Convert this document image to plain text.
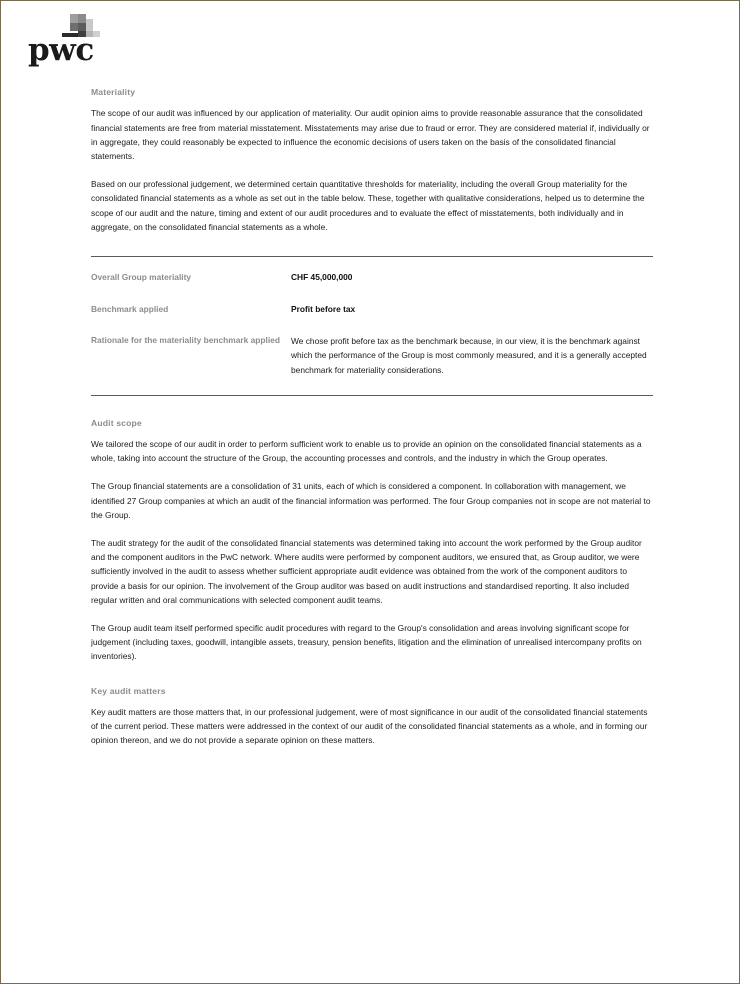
pwc
Materiality

The scope of our audit was influenced by our application of materiality. Our audit opinion aims to provide reasonable assurance that the consolidated financial statements are free from material misstatement. Misstatements may arise due to fraud or error. They are considered material if, individually or in aggregate, they could reasonably be expected to influence the economic decisions of users taken on the basis of the consolidated financial statements.

Based on our professional judgement, we determined certain quantitative thresholds for materiality, including the overall Group materiality for the consolidated financial statements as a whole as set out in the table below. These, together with qualitative considerations, helped us to determine the scope of our audit and the nature, timing and extent of our audit procedures and to evaluate the effect of misstatements, both individually and in aggregate, on the consolidated financial statements as a whole.

Overall Group materiality	CHF 45,000,000
Benchmark applied	Profit before tax
Rationale for the materiality benchmark applied	We chose profit before tax as the benchmark because, in our view, it is the benchmark against which the performance of the Group is most commonly measured, and it is a generally accepted benchmark for materiality considerations.
Audit scope

We tailored the scope of our audit in order to perform sufficient work to enable us to provide an opinion on the consolidated financial statements as a whole, taking into account the structure of the Group, the accounting processes and controls, and the industry in which the Group operates.

The Group financial statements are a consolidation of 31 units, each of which is considered a component. In collaboration with management, we identified 27 Group companies at which an audit of the financial information was performed. The four Group companies not in scope are not material to the Group.

The audit strategy for the audit of the consolidated financial statements was determined taking into account the work performed by the Group auditor and the component auditors in the PwC network. Where audits were performed by component auditors, we ensured that, as Group auditor, we were sufficiently involved in the audit to assess whether sufficient appropriate audit evidence was obtained from the work of the component auditors to provide a basis for our opinion. The involvement of the Group auditor was based on audit instructions and standardised reporting. It also included regular written and oral communications with selected component audit teams.

The Group audit team itself performed specific audit procedures with regard to the Group's consolidation and areas involving significant scope for judgement (including taxes, goodwill, intangible assets, treasury, pension benefits, litigation and the elimination of unrealised intercompany profits on inventories).

Key audit matters

Key audit matters are those matters that, in our professional judgement, were of most significance in our audit of the consolidated financial statements of the current period. These matters were addressed in the context of our audit of the consolidated financial statements as a whole, and in forming our opinion thereon, and we do not provide a separate opinion on these matters.
